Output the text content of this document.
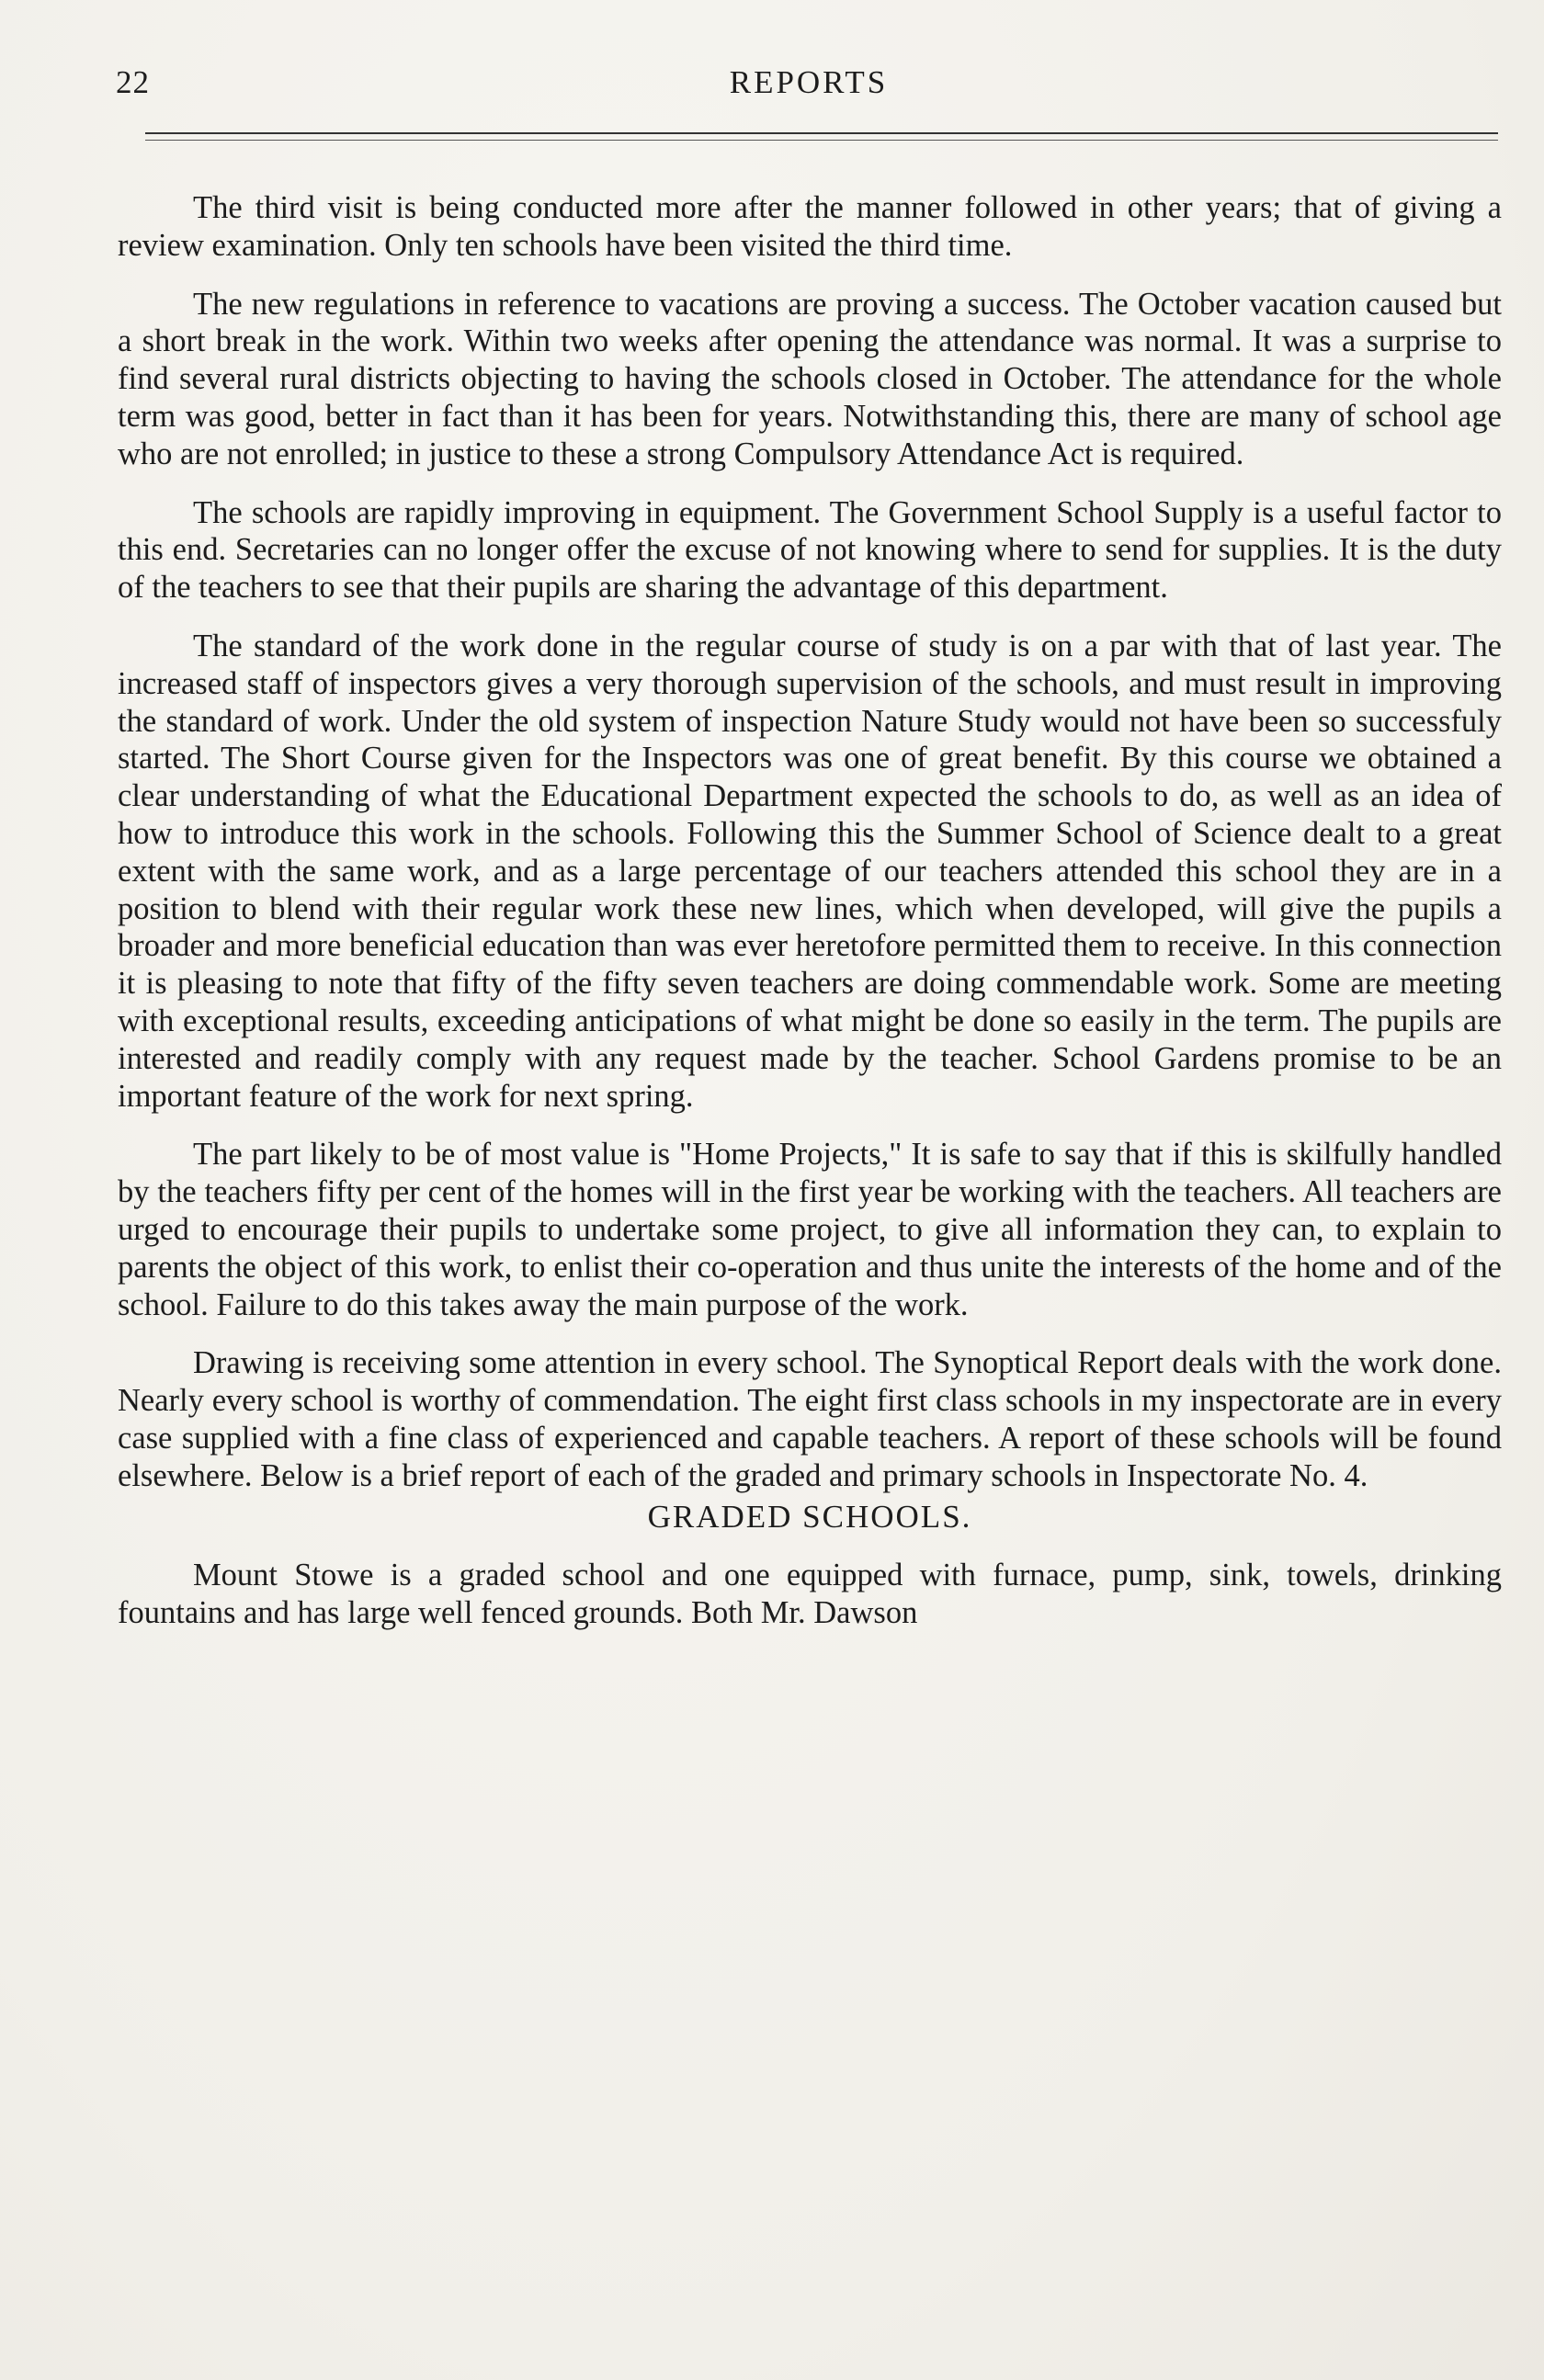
22	REPORTS

The third visit is being conducted more after the manner followed in other years; that of giving a review examination. Only ten schools have been visited the third time.

The new regulations in reference to vacations are proving a success. The October vacation caused but a short break in the work. Within two weeks after opening the attendance was normal. It was a surprise to find several rural districts objecting to having the schools closed in October. The attendance for the whole term was good, better in fact than it has been for years. Notwithstanding this, there are many of school age who are not enrolled; in justice to these a strong Compulsory Attendance Act is required.

The schools are rapidly improving in equipment. The Government School Supply is a useful factor to this end. Secretaries can no longer offer the excuse of not knowing where to send for supplies. It is the duty of the teachers to see that their pupils are sharing the advantage of this department.

The standard of the work done in the regular course of study is on a par with that of last year. The increased staff of inspectors gives a very thorough supervision of the schools, and must result in improving the standard of work. Under the old system of inspection Nature Study would not have been so successfuly started. The Short Course given for the Inspectors was one of great benefit. By this course we obtained a clear understanding of what the Educational Department expected the schools to do, as well as an idea of how to introduce this work in the schools. Following this the Summer School of Science dealt to a great extent with the same work, and as a large percentage of our teachers attended this school they are in a position to blend with their regular work these new lines, which when developed, will give the pupils a broader and more beneficial education than was ever heretofore permitted them to receive. In this connection it is pleasing to note that fifty of the fifty seven teachers are doing commendable work. Some are meeting with exceptional results, exceeding anticipations of what might be done so easily in the term. The pupils are interested and readily comply with any request made by the teacher. School Gardens promise to be an important feature of the work for next spring.

The part likely to be of most value is "Home Projects," It is safe to say that if this is skilfully handled by the teachers fifty per cent of the homes will in the first year be working with the teachers. All teachers are urged to encourage their pupils to undertake some project, to give all information they can, to explain to parents the object of this work, to enlist their co-operation and thus unite the interests of the home and of the school. Failure to do this takes away the main purpose of the work.

Drawing is receiving some attention in every school. The Synoptical Report deals with the work done. Nearly every school is worthy of commendation. The eight first class schools in my inspectorate are in every case supplied with a fine class of experienced and capable teachers. A report of these schools will be found elsewhere. Below is a brief report of each of the graded and primary schools in Inspectorate No. 4.

GRADED SCHOOLS.

Mount Stowe is a graded school and one equipped with furnace, pump, sink, towels, drinking fountains and has large well fenced grounds. Both Mr. Dawson
